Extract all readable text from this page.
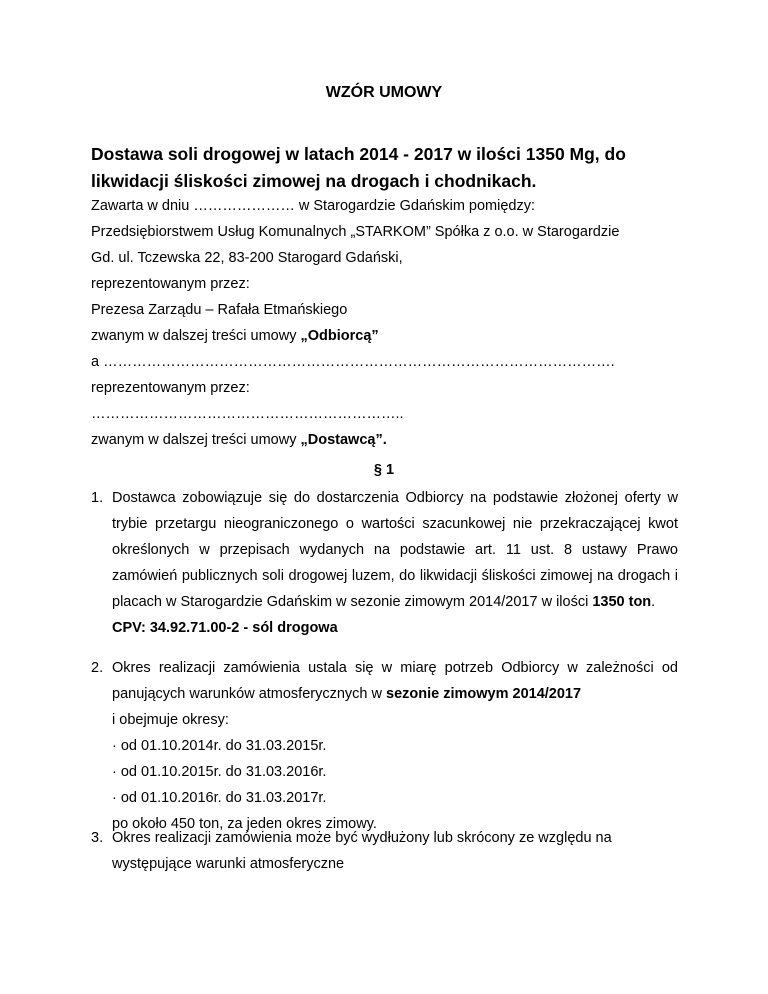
WZÓR UMOWY
Dostawa soli drogowej w latach 2014 - 2017 w ilości 1350 Mg, do likwidacji śliskości zimowej na drogach i chodnikach.
Zawarta w dniu ………………… w Starogardzie Gdańskim pomiędzy:
Przedsiębiorstwem Usług Komunalnych „STARKOM” Spółka z o.o. w Starogardzie
Gd. ul. Tczewska 22, 83-200 Starogard Gdański,
reprezentowanym przez:
Prezesa Zarządu – Rafała Etmańskiego
zwanym w dalszej treści umowy „Odbiorcą”
a …………………………………………………………………………………………….
reprezentowanym przez:
………………………………………………………..
zwanym w dalszej treści umowy „Dostawcą”.
§ 1
1. Dostawca zobowiązuje się do dostarczenia Odbiorcy na podstawie złożonej oferty w trybie przetargu nieograniczonego o wartości szacunkowej nie przekraczającej kwot określonych w przepisach wydanych na podstawie art. 11 ust. 8 ustawy Prawo zamówień publicznych soli drogowej luzem, do likwidacji śliskości zimowej na drogach i placach w Starogardzie Gdańskim w sezonie zimowym 2014/2017 w ilości 1350 ton.
CPV: 34.92.71.00-2 - sól drogowa
2. Okres realizacji zamówienia ustala się w miarę potrzeb Odbiorcy w zależności od panujących warunków atmosferycznych w sezonie zimowym 2014/2017
i obejmuje okresy:
· od 01.10.2014r. do 31.03.2015r.
· od 01.10.2015r. do 31.03.2016r.
· od 01.10.2016r. do 31.03.2017r.
po około 450 ton, za jeden okres zimowy.
3. Okres realizacji zamówienia może być wydłużony lub skrócony ze względu na występujące warunki atmosferyczne
